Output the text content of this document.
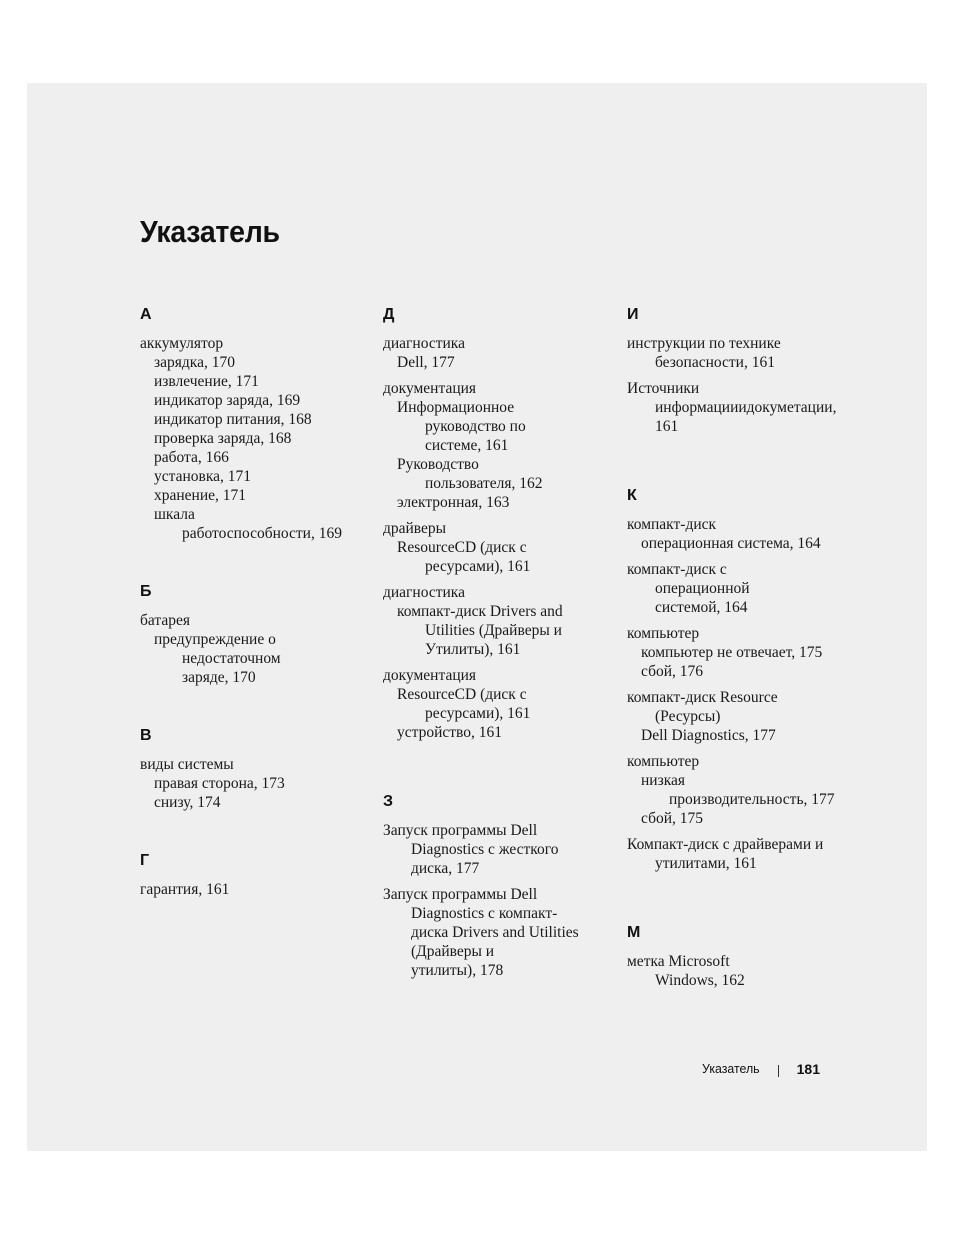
Указатель
А
аккумулятор
зарядка, 170
извлечение, 171
индикатор заряда, 169
индикатор питания, 168
проверка заряда, 168
работа, 166
установка, 171
хранение, 171
шкала
работоспособности, 169
Б
батарея
предупреждение о
недостаточном
заряде, 170
В
виды системы
правая сторона, 173
снизу, 174
Г
гарантия, 161
Д
диагностика
Dell, 177
документация
Информационное
руководство по
системе, 161
Руководство
пользователя, 162
электронная, 163
драйверы
ResourceCD (диск с
ресурсами), 161
диагностика
компакт-диск Drivers and
Utilities (Драйверы и
Утилиты), 161
документация
ResourceCD (диск с
ресурсами), 161
устройство, 161
З
Запуск программы Dell
Diagnostics с жесткого
диска, 177
Запуск программы Dell
Diagnostics с компакт-
диска Drivers and Utilities
(Драйверы и
утилиты), 178
И
инструкции по технике
безопасности, 161
Источники
информацииидокуметации,
161
К
компакт-диск
операционная система, 164
компакт-диск с
операционной
системой, 164
компьютер
компьютер не отвечает, 175
сбой, 176
компакт-диск Resource
(Ресурсы)
Dell Diagnostics, 177
компьютер
низкая
производительность, 177
сбой, 175
Компакт-диск с драйверами и
утилитами, 161
М
метка Microsoft
Windows, 162
Указатель	181
